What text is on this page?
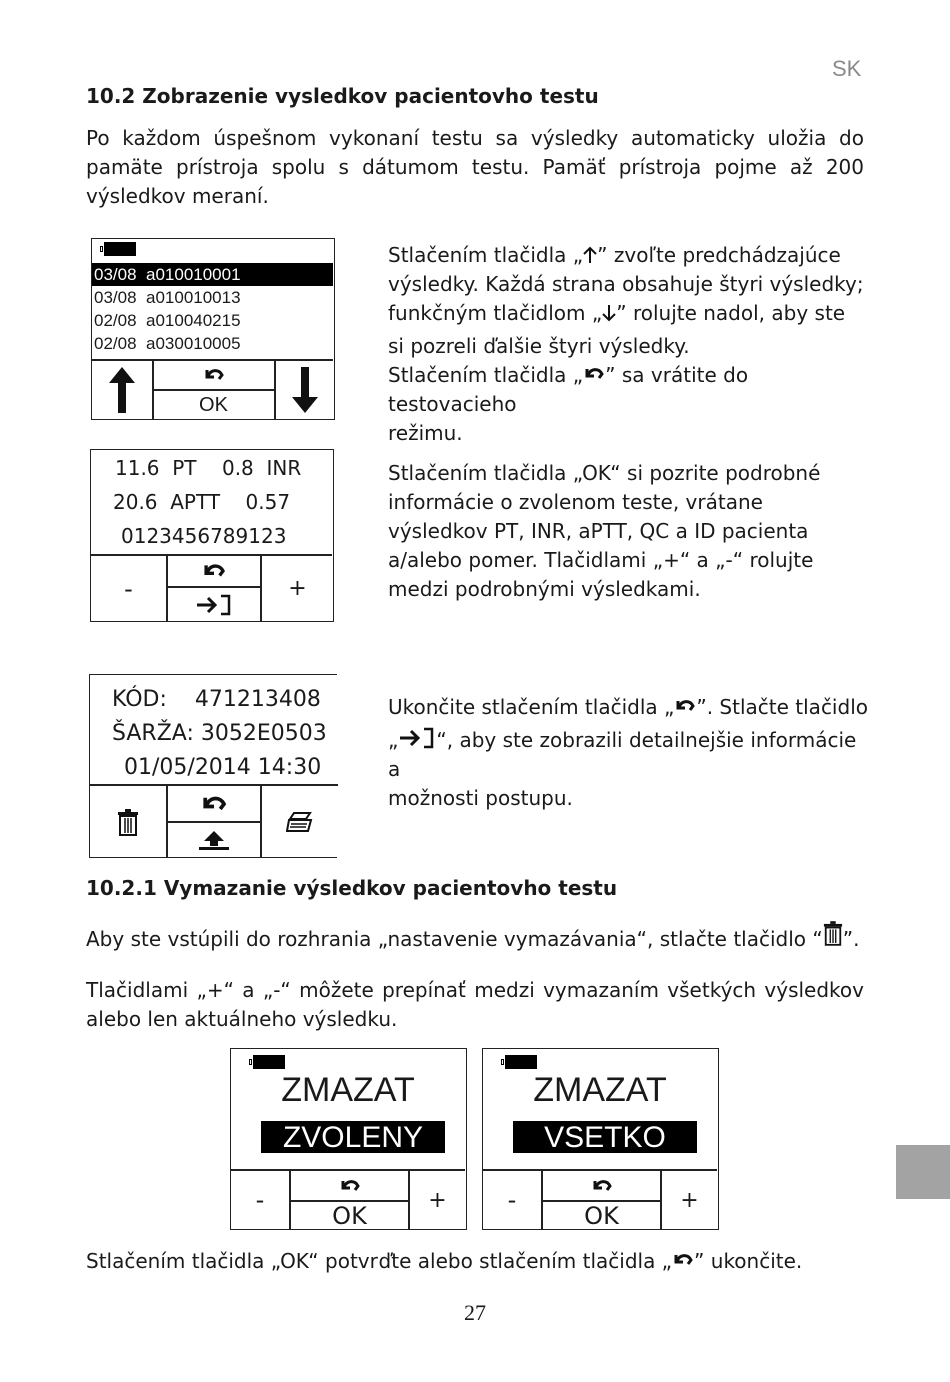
SK
10.2 Zobrazenie vysledkov pacientovho testu
Po každom úspešnom vykonaní testu sa výsledky automaticky uložia do pamäte prístroja spolu s dátumom testu. Pamäť prístroja pojme až 200 výsledkov meraní.
03/08 a010010001
03/08 a010010013
02/08 a010040215
02/08 a030010005
OK
Stlačením tlačidla „ ” zvoľte predchádzajúce
výsledky. Každá strana obsahuje štyri výsledky;
funkčným tlačidlom „ ” rolujte nadol, aby ste
si pozreli ďalšie štyri výsledky.
Stlačením tlačidla „ ” sa vrátite do testovacieho
režimu.
11.6 PT 0.8 INR
20.6 APTT 0.57
0123456789123
-	+
Stlačením tlačidla „OK“ si pozrite podrobné informácie o zvolenom teste, vrátane výsledkov PT, INR, aPTT, QC a ID pacienta a/alebo pomer. Tlačidlami „+“ a „-“ rolujte medzi podrobnými výsledkami.
KÓD: 471213408
ŠARŽA: 3052E0503
01/05/2014 14:30
Ukončite stlačením tlačidla „ ”. Stlačte tlačidlo
„ “, aby ste zobrazili detailnejšie informácie a
možnosti postupu.
10.2.1 Vymazanie výsledkov pacientovho testu
Aby ste vstúpili do rozhrania „nastavenie vymazávania“, stlačte tlačidlo “ ”.
Tlačidlami „+“ a „-“ môžete prepínať medzi vymazaním všetkých výsledkov alebo len aktuálneho výsledku.
ZMAZAT
ZVOLENY
-	+
OK
ZMAZAT
VSETKO
-	+
OK
Stlačením tlačidla „OK“ potvrďte alebo stlačením tlačidla „ ” ukončite.
27
